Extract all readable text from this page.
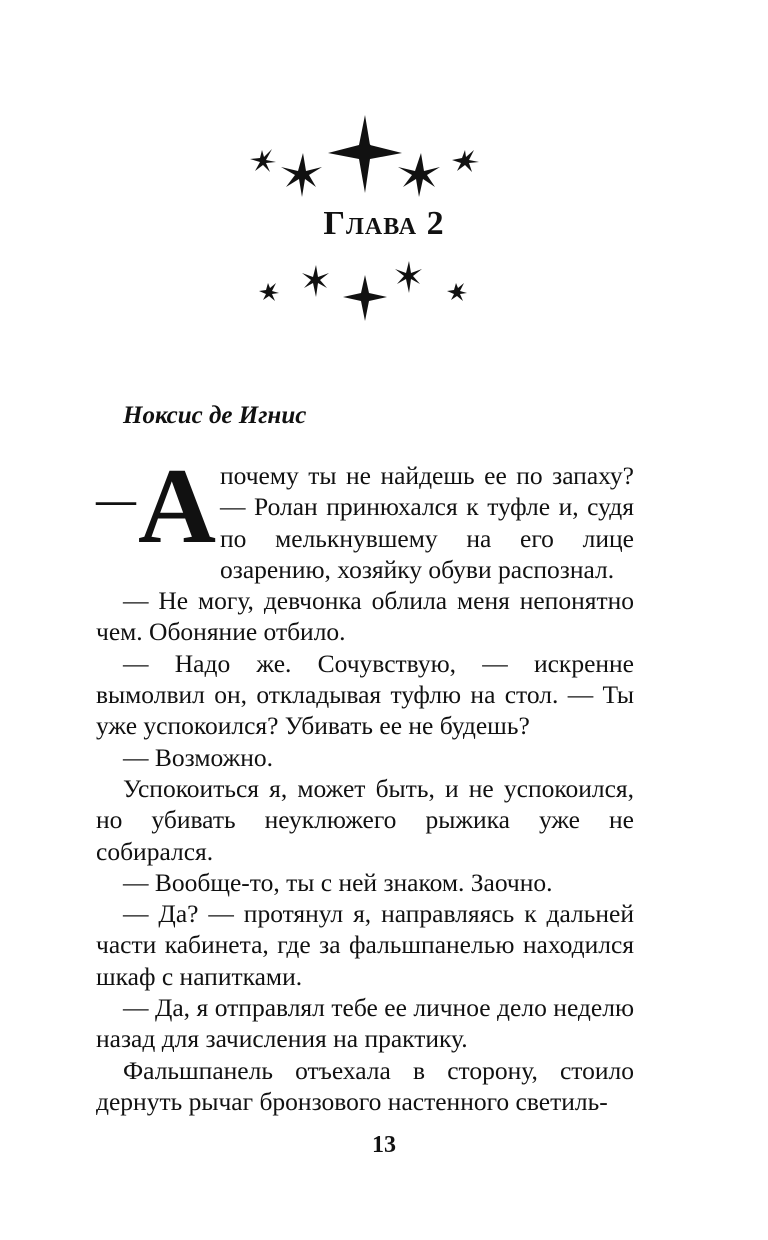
Глава 2
Ноксис де Игнис

— А почему ты не найдешь ее по запаху? — Ролан принюхался к туфле и, судя по мелькнувшему на его лице озарению, хозяйку обуви распознал.

— Не могу, девчонка облила меня непонятно чем. Обоняние отбило.

— Надо же. Сочувствую, — искренне вымолвил он, откладывая туфлю на стол. — Ты уже успокоился? Убивать ее не будешь?

— Возможно.

Успокоиться я, может быть, и не успокоился, но убивать неуклюжего рыжика уже не собирался.

— Вообще-то, ты с ней знаком. Заочно.

— Да? — протянул я, направляясь к дальней части кабинета, где за фальшпанелью находился шкаф с напитками.

— Да, я отправлял тебе ее личное дело неделю назад для зачисления на практику.

Фальшпанель отъехала в сторону, стоило дернуть рычаг бронзового настенного светиль-

13
